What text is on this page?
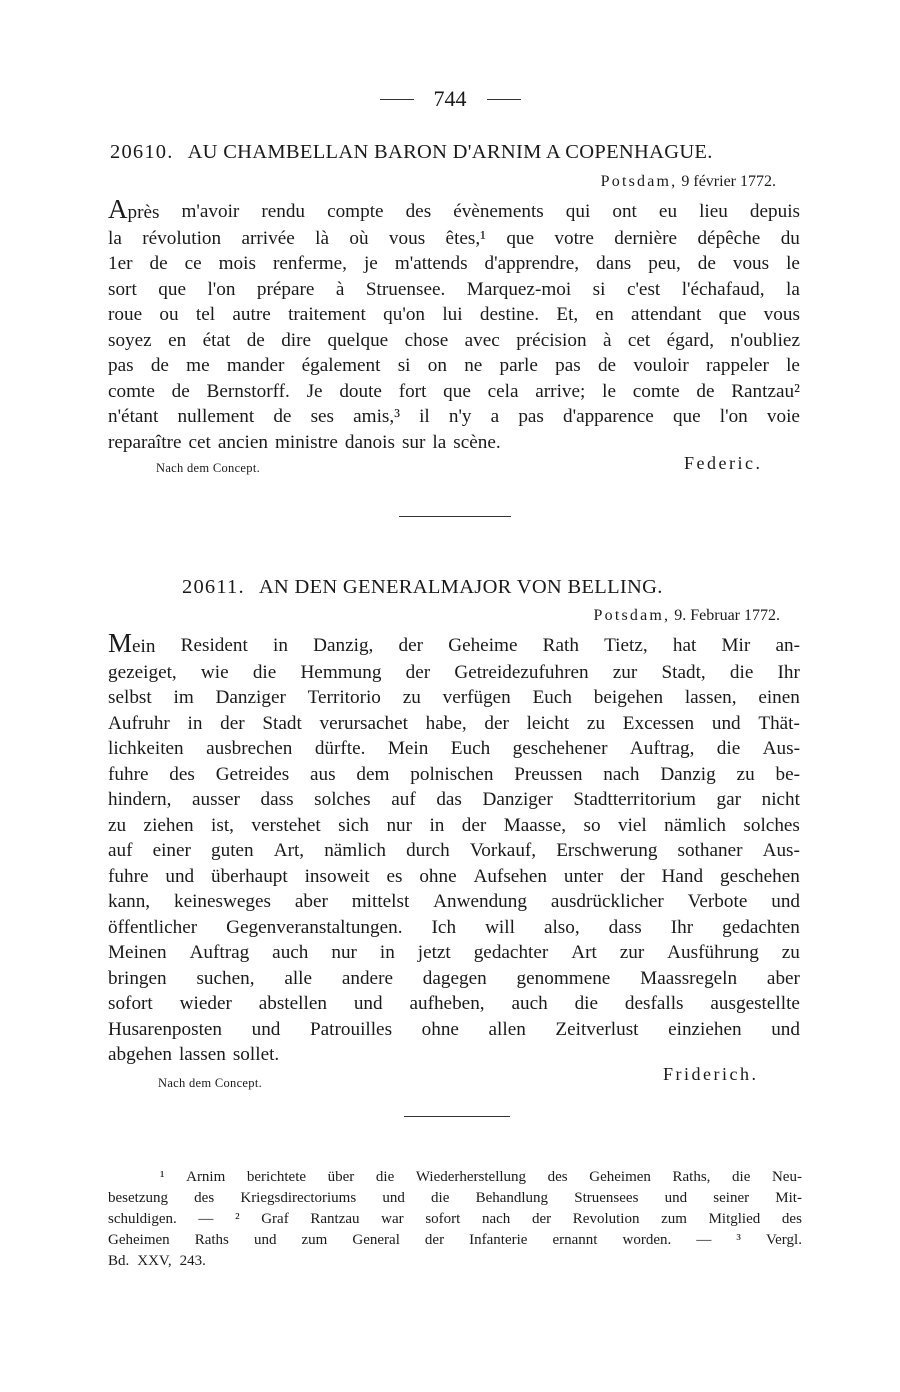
744
20610. AU CHAMBELLAN BARON D'ARNIM A COPENHAGUE.
Potsdam, 9 février 1772.
Après m'avoir rendu compte des évènements qui ont eu lieu depuis
la révolution arrivée là où vous êtes,¹ que votre dernière dépêche du
1er de ce mois renferme, je m'attends d'apprendre, dans peu, de vous le
sort que l'on prépare à Struensee. Marquez-moi si c'est l'échafaud, la
roue ou tel autre traitement qu'on lui destine. Et, en attendant que vous
soyez en état de dire quelque chose avec précision à cet égard, n'oubliez
pas de me mander également si on ne parle pas de vouloir rappeler le
comte de Bernstorff. Je doute fort que cela arrive; le comte de Rantzau²
n'étant nullement de ses amis,³ il n'y a pas d'apparence que l'on voie
reparaître cet ancien ministre danois sur la scène.
Nach dem Concept.	Federic.
20611. AN DEN GENERALMAJOR VON BELLING.
Potsdam, 9. Februar 1772.
Mein Resident in Danzig, der Geheime Rath Tietz, hat Mir an-
gezeiget, wie die Hemmung der Getreidezufuhren zur Stadt, die Ihr
selbst im Danziger Territorio zu verfügen Euch beigehen lassen, einen
Aufruhr in der Stadt verursachet habe, der leicht zu Excessen und Thät-
lichkeiten ausbrechen dürfte. Mein Euch geschehener Auftrag, die Aus-
fuhre des Getreides aus dem polnischen Preussen nach Danzig zu be-
hindern, ausser dass solches auf das Danziger Stadtterritorium gar nicht
zu ziehen ist, verstehet sich nur in der Maasse, so viel nämlich solches
auf einer guten Art, nämlich durch Vorkauf, Erschwerung sothaner Aus-
fuhre und überhaupt insoweit es ohne Aufsehen unter der Hand geschehen
kann, keinesweges aber mittelst Anwendung ausdrücklicher Verbote und
öffentlicher Gegenveranstaltungen. Ich will also, dass Ihr gedachten
Meinen Auftrag auch nur in jetzt gedachter Art zur Ausführung zu
bringen suchen, alle andere dagegen genommene Maassregeln aber
sofort wieder abstellen und aufheben, auch die desfalls ausgestellte
Husarenposten und Patrouilles ohne allen Zeitverlust einziehen und
abgehen lassen sollet.
Nach dem Concept.	Friderich.
¹ Arnim berichtete über die Wiederherstellung des Geheimen Raths, die Neu-
besetzung des Kriegsdirectoriums und die Behandlung Struensees und seiner Mit-
schuldigen. — ² Graf Rantzau war sofort nach der Revolution zum Mitglied des
Geheimen Raths und zum General der Infanterie ernannt worden. — ³ Vergl.
Bd. XXV, 243.
